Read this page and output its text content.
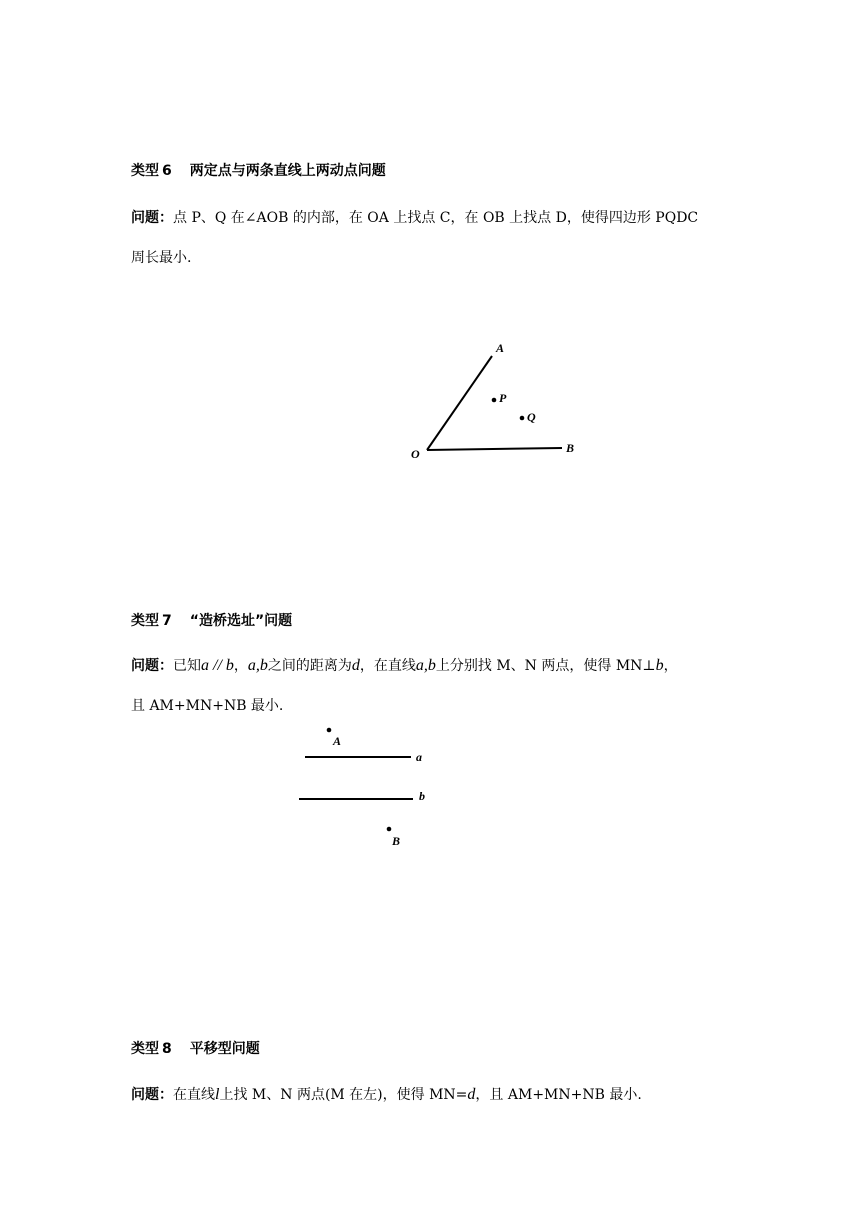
类型 6 两定点与两条直线上两动点问题
问题：点 P、Q 在∠AOB 的内部，在 OA 上找点 C，在 OB 上找点 D，使得四边形 PQDC
周长最小.
A
P
Q
O	B
类型 7 “造桥选址”问题
问题：已知a // b，a,b之间的距离为d，在直线a,b上分别找 M、N 两点，使得 MN⊥b，
且 AM+MN+NB 最小.
A
a
b
B
类型 8 平移型问题
问题：在直线l上找 M、N 两点(M 在左)，使得 MN=d，且 AM+MN+NB 最小.
